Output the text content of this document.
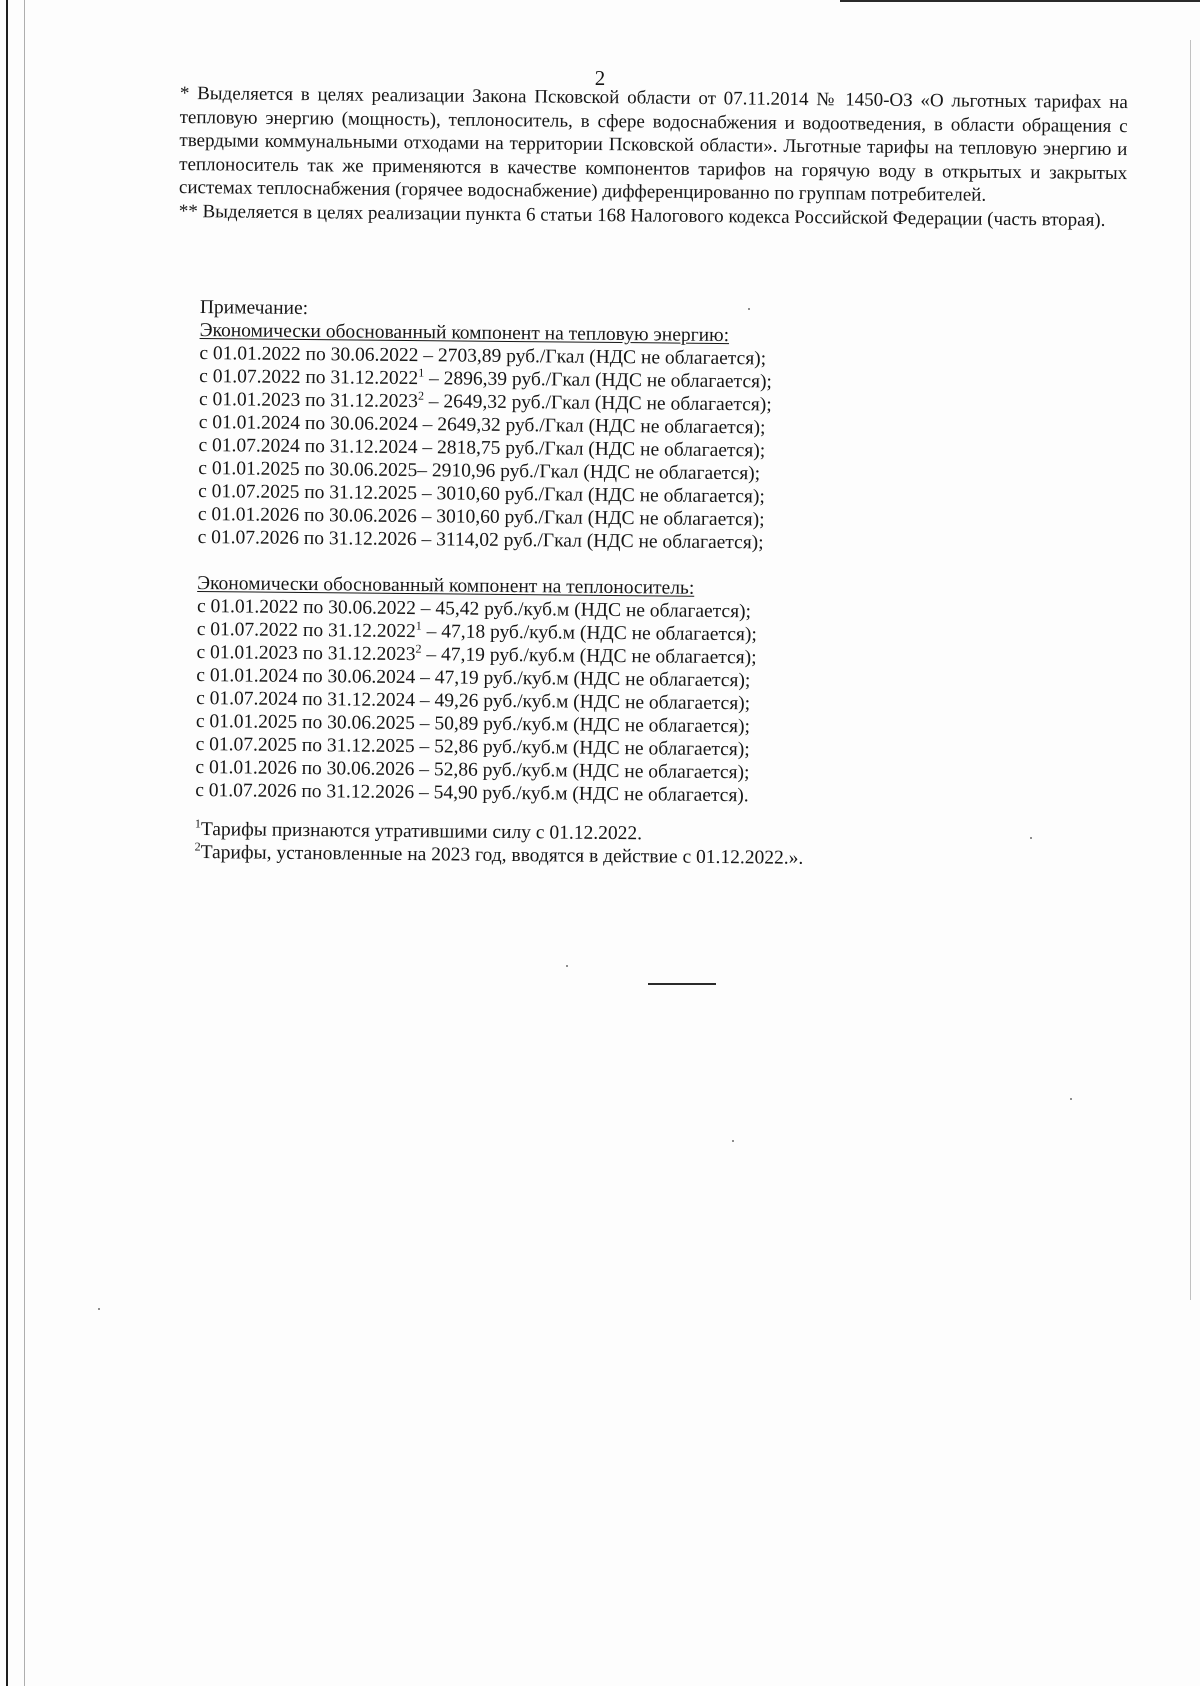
2

* Выделяется в целях реализации Закона Псковской области от 07.11.2014 № 1450-ОЗ «О льготных тарифах на тепловую энергию (мощность), теплоноситель, в сфере водоснабжения и водоотведения, в области обращения с твердыми коммунальными отходами на территории Псковской области». Льготные тарифы на тепловую энергию и теплоноситель так же применяются в качестве компонентов тарифов на горячую воду в открытых и закрытых системах теплоснабжения (горячее водоснабжение) дифференцированно по группам потребителей.

** Выделяется в целях реализации пункта 6 статьи 168 Налогового кодекса Российской Федерации (часть вторая).

Примечание:

Экономически обоснованный компонент на тепловую энергию:

с 01.01.2022 по 30.06.2022 – 2703,89 руб./Гкал (НДС не облагается);
с 01.07.2022 по 31.12.2022$^1$ – 2896,39 руб./Гкал (НДС не облагается);
с 01.01.2023 по 31.12.2023$^2$ – 2649,32 руб./Гкал (НДС не облагается);
с 01.01.2024 по 30.06.2024 – 2649,32 руб./Гкал (НДС не облагается);
с 01.07.2024 по 31.12.2024 – 2818,75 руб./Гкал (НДС не облагается);
с 01.01.2025 по 30.06.2025– 2910,96 руб./Гкал (НДС не облагается);
с 01.07.2025 по 31.12.2025 – 3010,60 руб./Гкал (НДС не облагается);
с 01.01.2026 по 30.06.2026 – 3010,60 руб./Гкал (НДС не облагается);
с 01.07.2026 по 31.12.2026 – 3114,02 руб./Гкал (НДС не облагается);

Экономически обоснованный компонент на теплоноситель:

с 01.01.2022 по 30.06.2022 – 45,42 руб./куб.м (НДС не облагается);
с 01.07.2022 по 31.12.2022$^1$ – 47,18 руб./куб.м (НДС не облагается);
с 01.01.2023 по 31.12.2023$^2$ – 47,19 руб./куб.м (НДС не облагается);
с 01.01.2024 по 30.06.2024 – 47,19 руб./куб.м (НДС не облагается);
с 01.07.2024 по 31.12.2024 – 49,26 руб./куб.м (НДС не облагается);
с 01.01.2025 по 30.06.2025 – 50,89 руб./куб.м (НДС не облагается);
с 01.07.2025 по 31.12.2025 – 52,86 руб./куб.м (НДС не облагается);
с 01.01.2026 по 30.06.2026 – 52,86 руб./куб.м (НДС не облагается);
с 01.07.2026 по 31.12.2026 – 54,90 руб./куб.м (НДС не облагается).

$^1$Тарифы признаются утратившими силу с 01.12.2022.

$^2$Тарифы, установленные на 2023 год, вводятся в действие с 01.12.2022.».
